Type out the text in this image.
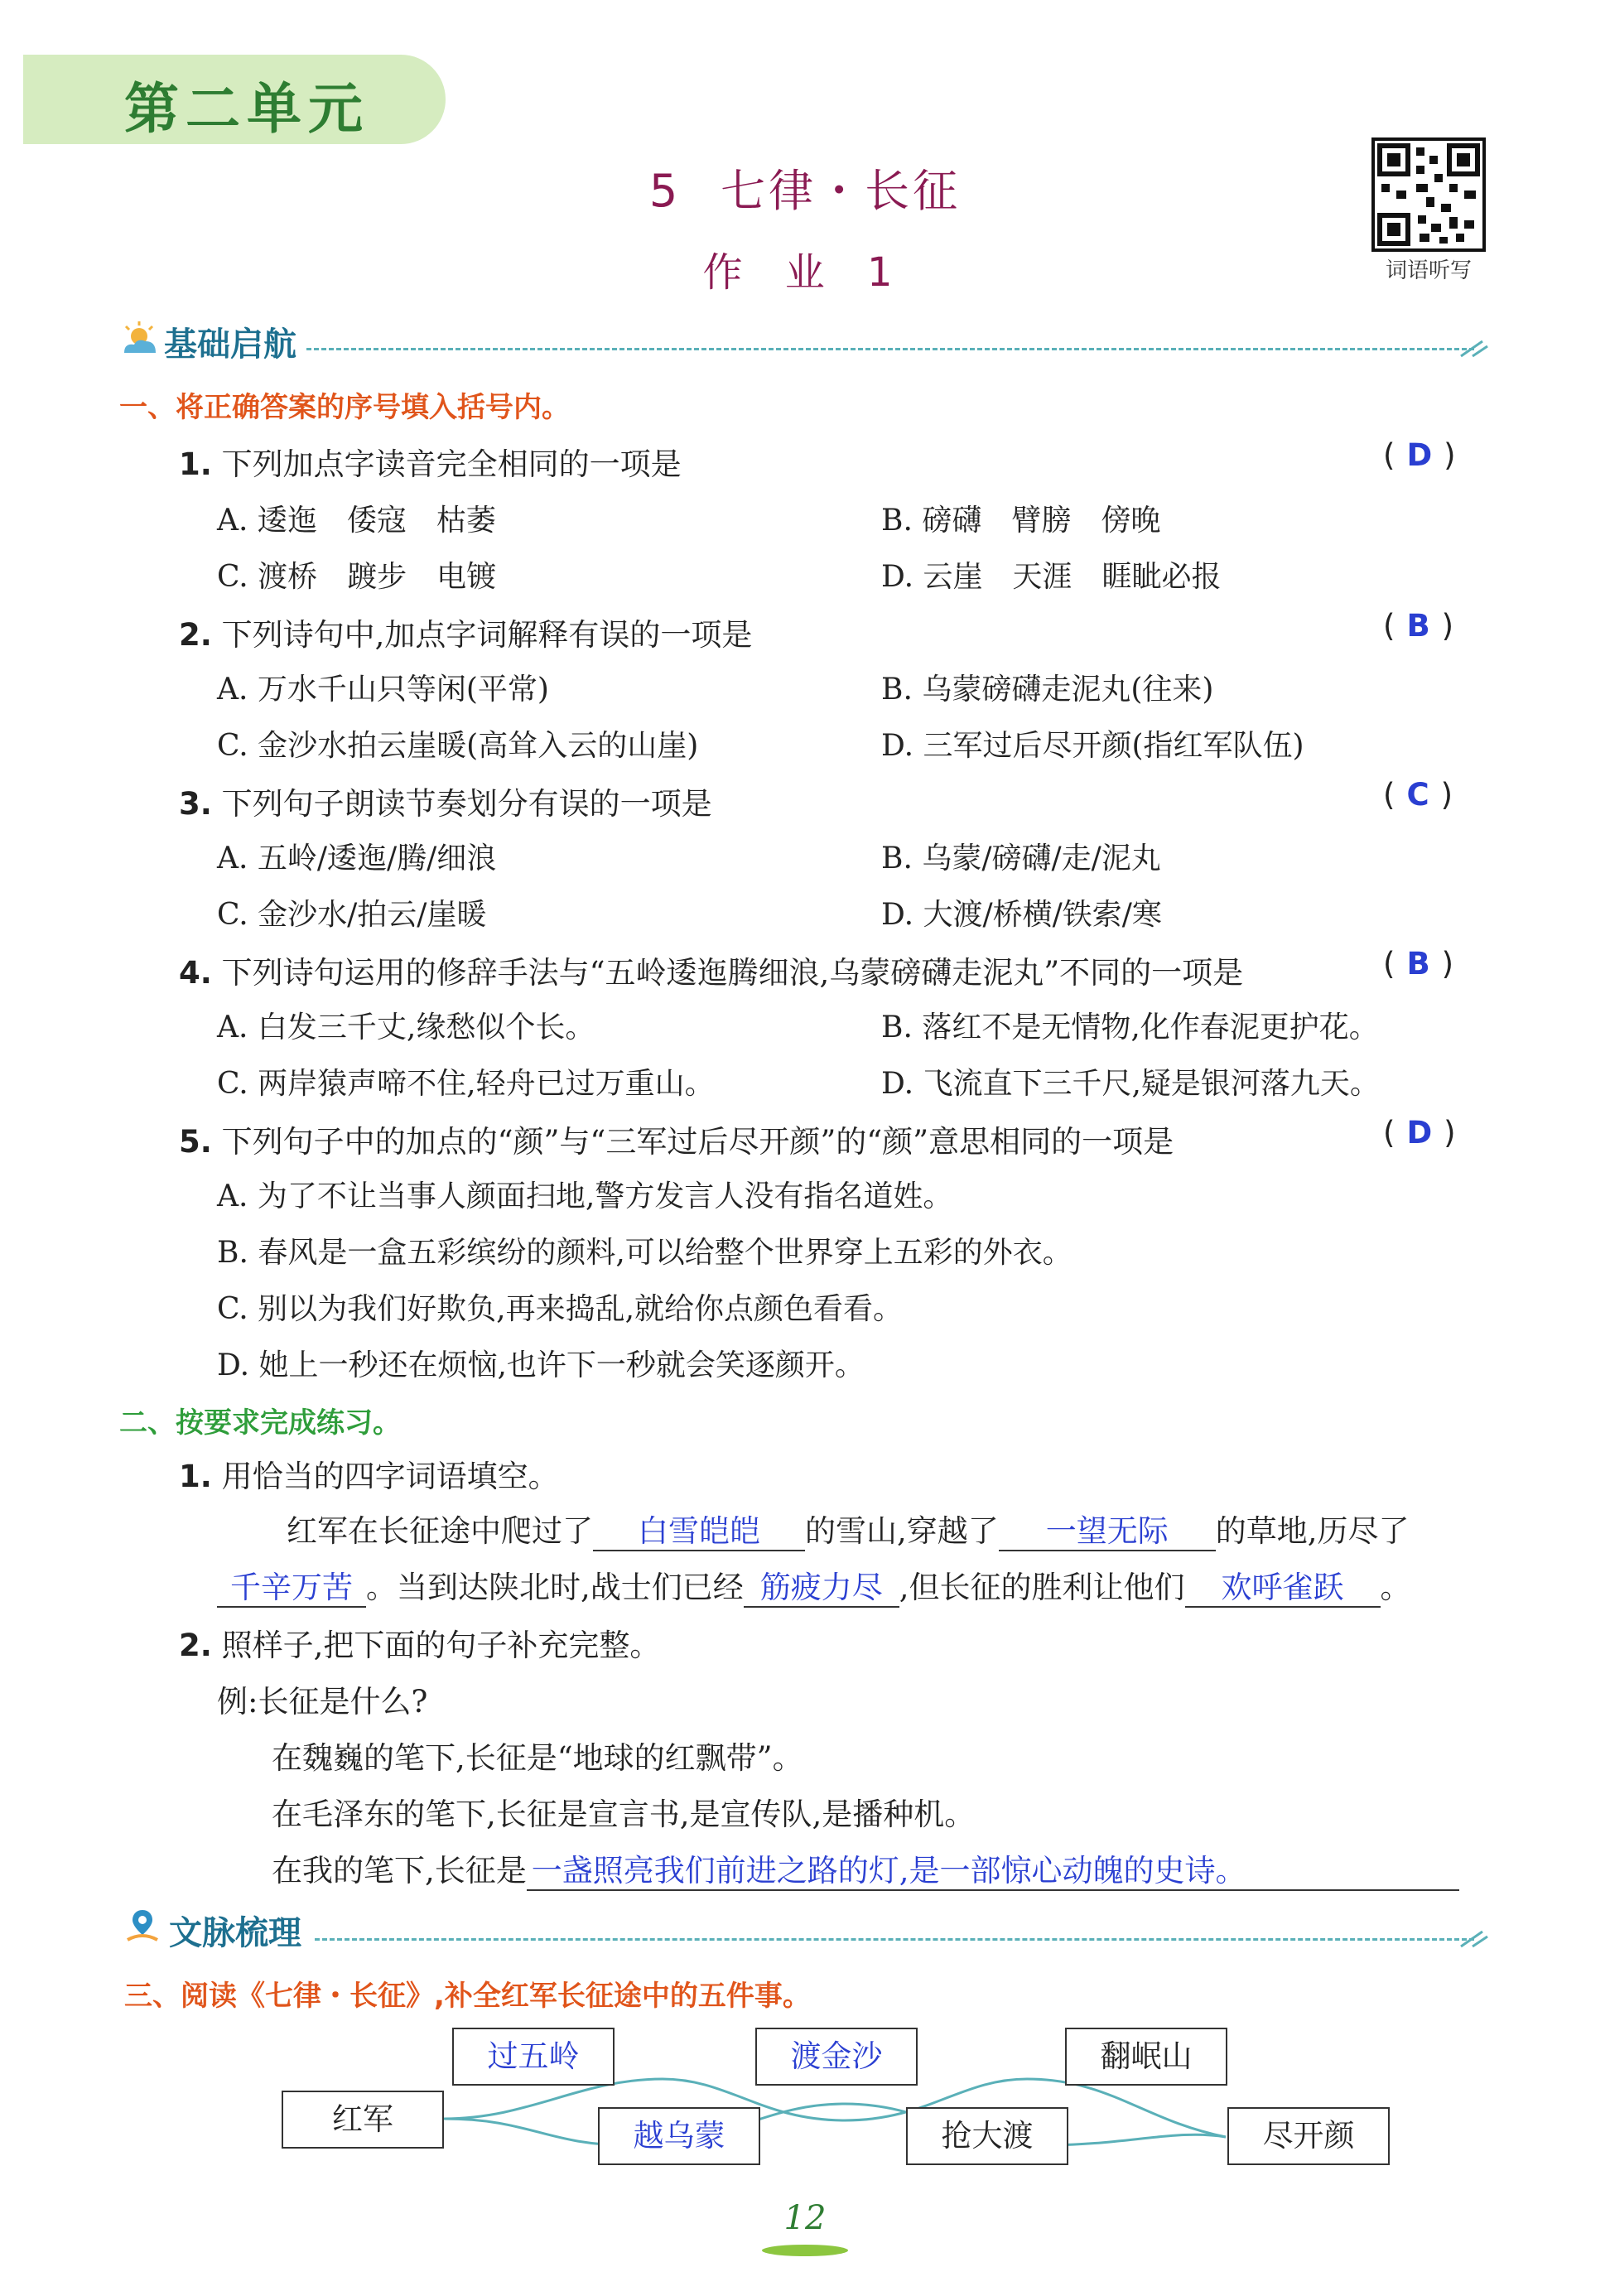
第二单元
5 七律・长征
作 业 1	词语听写
基础启航
一、将正确答案的序号填入括号内。
1. 下列加点字读音完全相同的一项是	( D )
A. 逶迤　倭寇　枯萎	B. 磅礴　臂膀　傍晚
C. 渡桥　踱步　电镀	D. 云崖　天涯　睚眦必报
2. 下列诗句中,加点字词解释有误的一项是	( B )
A. 万水千山只等闲(平常)	B. 乌蒙磅礴走泥丸(往来)
C. 金沙水拍云崖暖(高耸入云的山崖)	D. 三军过后尽开颜(指红军队伍)
3. 下列句子朗读节奏划分有误的一项是	( C )
A. 五岭/逶迤/腾/细浪	B. 乌蒙/磅礴/走/泥丸
C. 金沙水/拍云/崖暖	D. 大渡/桥横/铁索/寒
4. 下列诗句运用的修辞手法与“五岭逶迤腾细浪,乌蒙磅礴走泥丸”不同的一项是	( B )
A. 白发三千丈,缘愁似个长。	B. 落红不是无情物,化作春泥更护花。
C. 两岸猿声啼不住,轻舟已过万重山。	D. 飞流直下三千尺,疑是银河落九天。
5. 下列句子中的加点的“颜”与“三军过后尽开颜”的“颜”意思相同的一项是	( D )
A. 为了不让当事人颜面扫地,警方发言人没有指名道姓。
B. 春风是一盒五彩缤纷的颜料,可以给整个世界穿上五彩的外衣。
C. 别以为我们好欺负,再来捣乱,就给你点颜色看看。
D. 她上一秒还在烦恼,也许下一秒就会笑逐颜开。
二、按要求完成练习。
1. 用恰当的四字词语填空。
红军在长征途中爬过了 白雪皑皑 的雪山,穿越了 一望无际 的草地,历尽了
千辛万苦 。当到达陕北时,战士们已经 筋疲力尽 ,但长征的胜利让他们 欢呼雀跃 。
2. 照样子,把下面的句子补充完整。
例:长征是什么?
在魏巍的笔下,长征是“地球的红飘带”。
在毛泽东的笔下,长征是宣言书,是宣传队,是播种机。
在我的笔下,长征是 一盏照亮我们前进之路的灯,是一部惊心动魄的史诗。
文脉梳理
三、阅读《七律・长征》,补全红军长征途中的五件事。
红军
过五岭
越乌蒙
渡金沙
抢大渡
翻岷山
尽开颜
12
